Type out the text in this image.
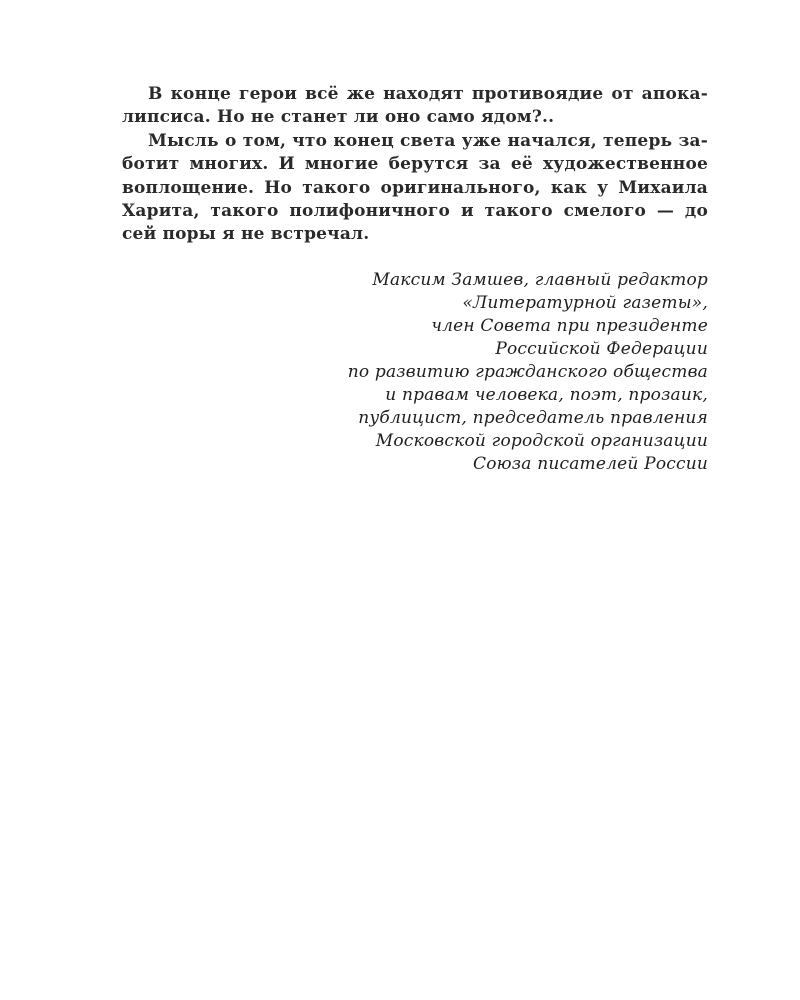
В конце герои всё же находят противоядие от апока-
липсиса. Но не станет ли оно само ядом?..
Мысль о том, что конец света уже начался, теперь за-
ботит многих. И многие берутся за её художественное
воплощение. Но такого оригинального, как у Михаила
Харита, такого полифоничного и такого смелого — до
сей поры я не встречал.
Максим Замшев, главный редактор
«Литературной газеты»,
член Совета при президенте
Российской Федерации
по развитию гражданского общества
и правам человека, поэт, прозаик,
публицист, председатель правления
Московской городской организации
Союза писателей России
